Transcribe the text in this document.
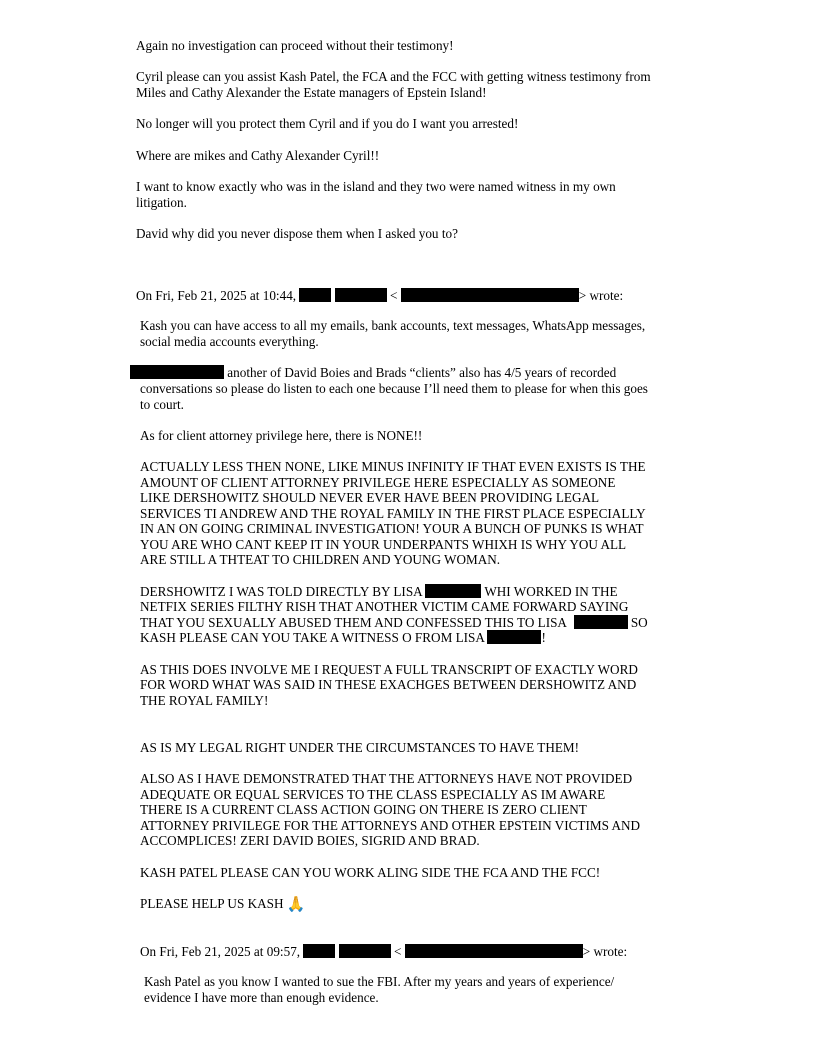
Again no investigation can proceed without their testimony!

Cyril please can you assist Kash Patel, the FCA and the FCC with getting witness testimony from

Miles and Cathy Alexander the Estate managers of Epstein Island!

No longer will you protect them Cyril and if you do I want you arrested!

Where are mikes and Cathy Alexander Cyril!!

I want to know exactly who was in the island and they two were named witness in my own

litigation.

David why did you never dispose them when I asked you to?

On Fri, Feb 21, 2025 at 10:44,	<	> wrote:

Kash you can have access to all my emails, bank accounts, text messages, WhatsApp messages,

social media accounts everything.

another of David Boies and Brads “clients” also has 4/5 years of recorded

conversations so please do listen to each one because I’ll need them to please for when this goes

to court.

As for client attorney privilege here, there is NONE!!

ACTUALLY LESS THEN NONE, LIKE MINUS INFINITY IF THAT EVEN EXISTS IS THE

AMOUNT OF CLIENT ATTORNEY PRIVILEGE HERE ESPECIALLY AS SOMEONE

LIKE DERSHOWITZ SHOULD NEVER EVER HAVE BEEN PROVIDING LEGAL

SERVICES TI ANDREW AND THE ROYAL FAMILY IN THE FIRST PLACE ESPECIALLY

IN AN ON GOING CRIMINAL INVESTIGATION! YOUR A BUNCH OF PUNKS IS WHAT

YOU ARE WHO CANT KEEP IT IN YOUR UNDERPANTS WHIXH IS WHY YOU ALL

ARE STILL A THTEAT TO CHILDREN AND YOUNG WOMAN.

DERSHOWITZ I WAS TOLD DIRECTLY BY LISA	WHI WORKED IN THE

NETFIX SERIES FILTHY RISH THAT ANOTHER VICTIM CAME FORWARD SAYING

THAT YOU SEXUALLY ABUSED THEM AND CONFESSED THIS TO LISA	SO

KASH PLEASE CAN YOU TAKE A WITNESS O FROM LISA	!

AS THIS DOES INVOLVE ME I REQUEST A FULL TRANSCRIPT OF EXACTLY WORD

FOR WORD WHAT WAS SAID IN THESE EXACHGES BETWEEN DERSHOWITZ AND

THE ROYAL FAMILY!

AS IS MY LEGAL RIGHT UNDER THE CIRCUMSTANCES TO HAVE THEM!

ALSO AS I HAVE DEMONSTRATED THAT THE ATTORNEYS HAVE NOT PROVIDED

ADEQUATE OR EQUAL SERVICES TO THE CLASS ESPECIALLY AS IM AWARE

THERE IS A CURRENT CLASS ACTION GOING ON THERE IS ZERO CLIENT

ATTORNEY PRIVILEGE FOR THE ATTORNEYS AND OTHER EPSTEIN VICTIMS AND

ACCOMPLICES! ZERI DAVID BOIES, SIGRID AND BRAD.

KASH PATEL PLEASE CAN YOU WORK ALING SIDE THE FCA AND THE FCC!

PLEASE HELP US KASH 🙏

On Fri, Feb 21, 2025 at 09:57,	<	> wrote:

Kash Patel as you know I wanted to sue the FBI. After my years and years of experience/

evidence I have more than enough evidence.
